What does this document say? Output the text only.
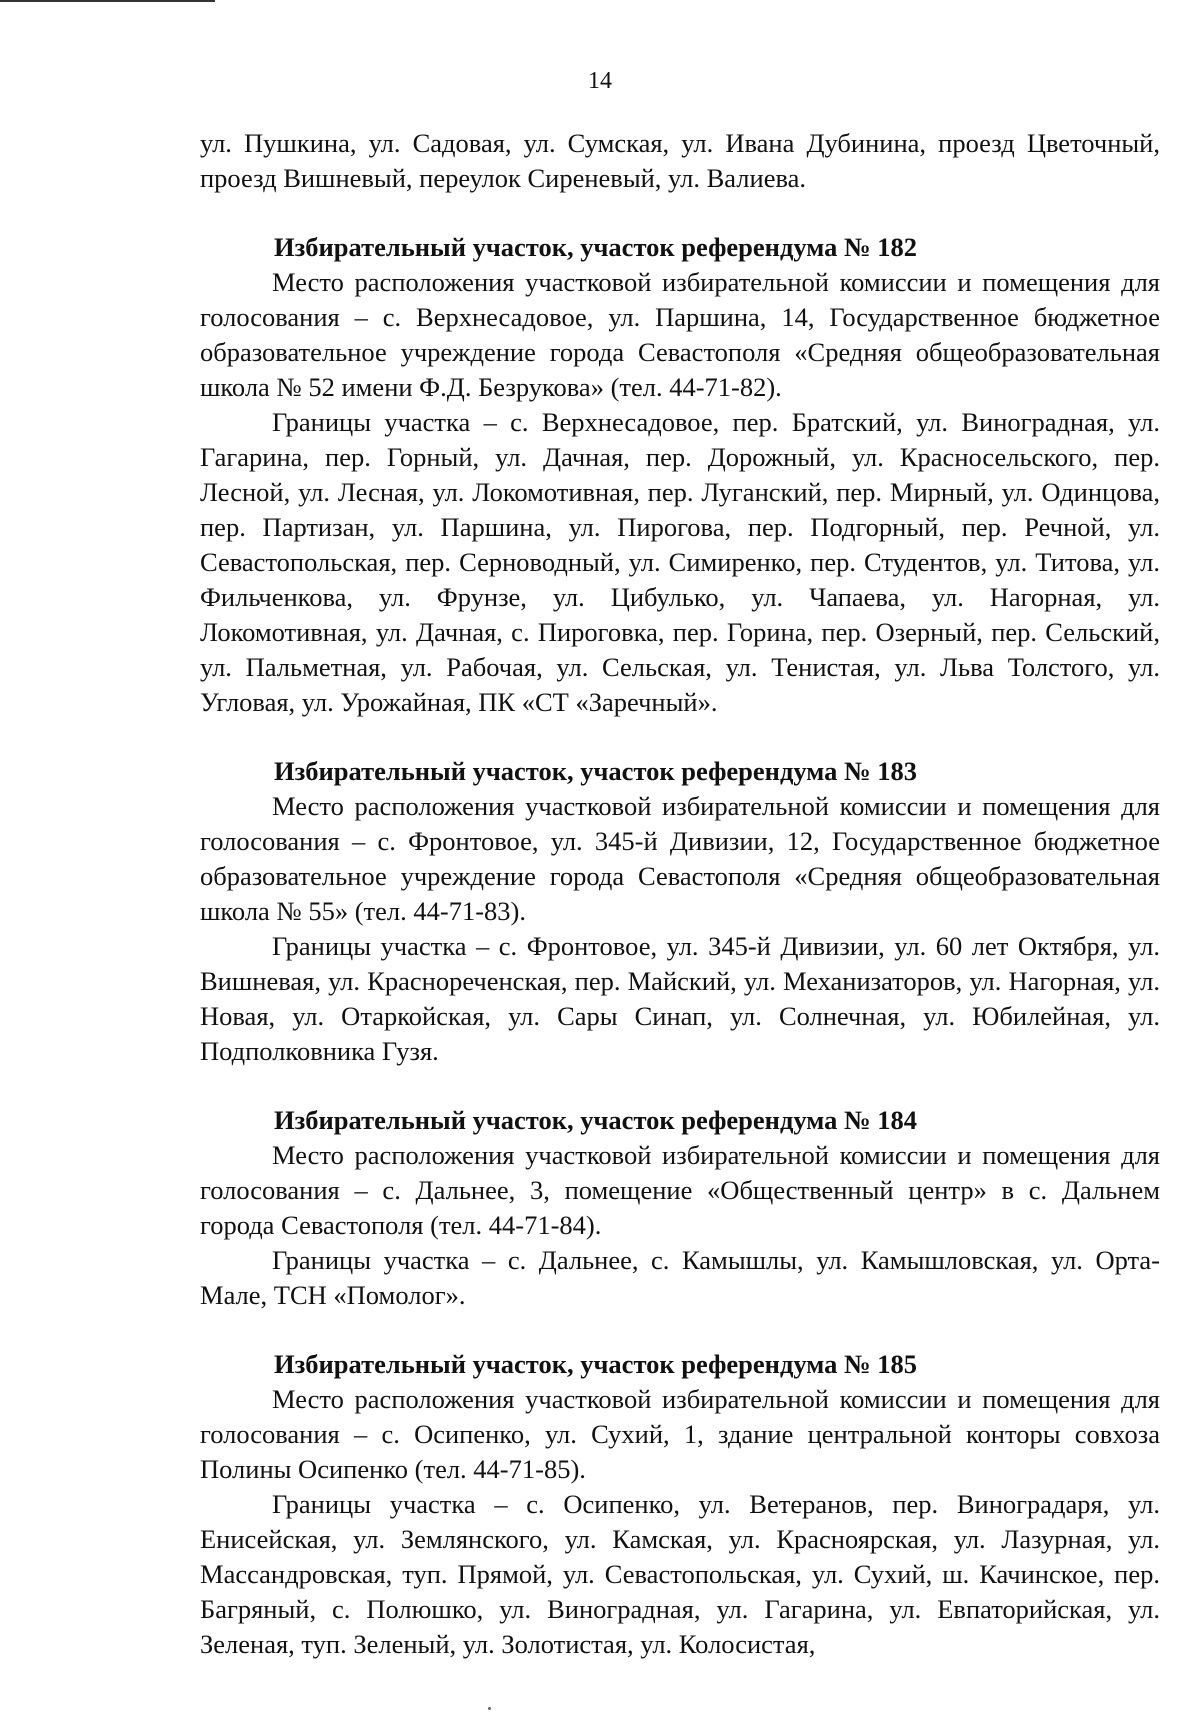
14

ул. Пушкина, ул. Садовая, ул. Сумская, ул. Ивана Дубинина, проезд Цветочный, проезд Вишневый, переулок Сиреневый, ул. Валиева.

Избирательный участок, участок референдума № 182

Место расположения участковой избирательной комиссии и помещения для голосования – с. Верхнесадовое, ул. Паршина, 14, Государственное бюджетное образовательное учреждение города Севастополя «Средняя общеобразовательная школа № 52 имени Ф.Д. Безрукова» (тел. 44-71-82).

Границы участка – с. Верхнесадовое, пер. Братский, ул. Виноградная, ул. Гагарина, пер. Горный, ул. Дачная, пер. Дорожный, ул. Красносельского, пер. Лесной, ул. Лесная, ул. Локомотивная, пер. Луганский, пер. Мирный, ул. Одинцова, пер. Партизан, ул. Паршина, ул. Пирогова, пер. Подгорный, пер. Речной, ул. Севастопольская, пер. Серноводный, ул. Симиренко, пер. Студентов, ул. Титова, ул. Фильченкова, ул. Фрунзе, ул. Цибулько, ул. Чапаева, ул. Нагорная, ул. Локомотивная, ул. Дачная, с. Пироговка, пер. Горина, пер. Озерный, пер. Сельский, ул. Пальметная, ул. Рабочая, ул. Сельская, ул. Тенистая, ул. Льва Толстого, ул. Угловая, ул. Урожайная, ПК «СТ «Заречный».

Избирательный участок, участок референдума № 183

Место расположения участковой избирательной комиссии и помещения для голосования – с. Фронтовое, ул. 345-й Дивизии, 12, Государственное бюджетное образовательное учреждение города Севастополя «Средняя общеобразовательная школа № 55» (тел. 44-71-83).

Границы участка – с. Фронтовое, ул. 345-й Дивизии, ул. 60 лет Октября, ул. Вишневая, ул. Краснореченская, пер. Майский, ул. Механизаторов, ул. Нагорная, ул. Новая, ул. Отаркойская, ул. Сары Синап, ул. Солнечная, ул. Юбилейная, ул. Подполковника Гузя.

Избирательный участок, участок референдума № 184

Место расположения участковой избирательной комиссии и помещения для голосования – с. Дальнее, 3, помещение «Общественный центр» в с. Дальнем города Севастополя (тел. 44-71-84).

Границы участка – с. Дальнее, с. Камышлы, ул. Камышловская, ул. Орта-Мале, ТСН «Помолог».

Избирательный участок, участок референдума № 185

Место расположения участковой избирательной комиссии и помещения для голосования – с. Осипенко, ул. Сухий, 1, здание центральной конторы совхоза Полины Осипенко (тел. 44-71-85).

Границы участка – с. Осипенко, ул. Ветеранов, пер. Виноградаря, ул. Енисейская, ул. Землянского, ул. Камская, ул. Красноярская, ул. Лазурная, ул. Массандровская, туп. Прямой, ул. Севастопольская, ул. Сухий, ш. Качинское, пер. Багряный, с. Полюшко, ул. Виноградная, ул. Гагарина, ул. Евпаторийская, ул. Зеленая, туп. Зеленый, ул. Золотистая, ул. Колосистая,
